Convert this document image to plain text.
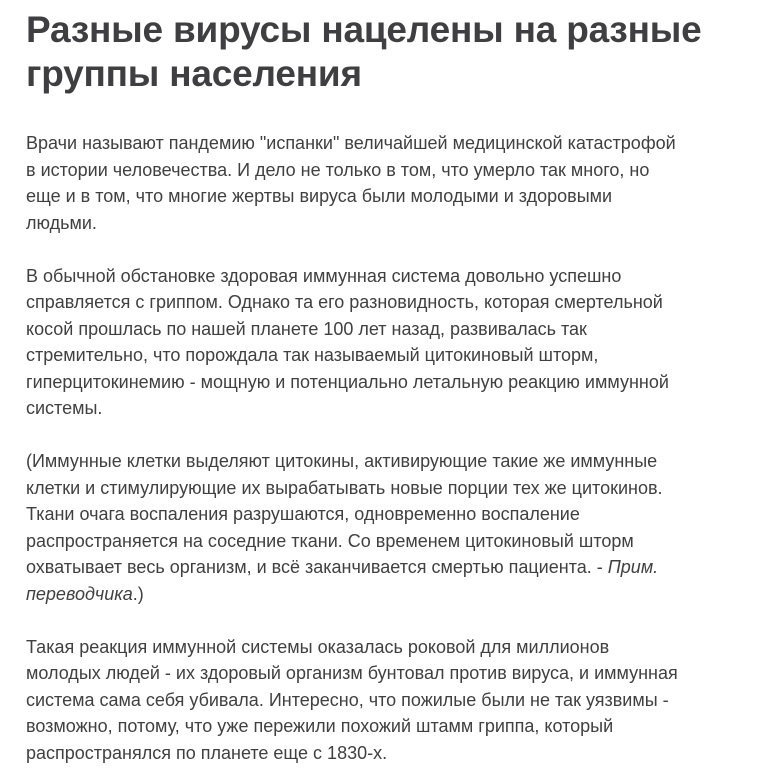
Разные вирусы нацелены на разные
группы населения

Врачи называют пандемию "испанки" величайшей медицинской катастрофой
в истории человечества. И дело не только в том, что умерло так много, но
еще и в том, что многие жертвы вируса были молодыми и здоровыми
людьми.

В обычной обстановке здоровая иммунная система довольно успешно
справляется с гриппом. Однако та его разновидность, которая смертельной
косой прошлась по нашей планете 100 лет назад, развивалась так
стремительно, что порождала так называемый цитокиновый шторм,
гиперцитокинемию - мощную и потенциально летальную реакцию иммунной
системы.

(Иммунные клетки выделяют цитокины, активирующие такие же иммунные
клетки и стимулирующие их вырабатывать новые порции тех же цитокинов.
Ткани очага воспаления разрушаются, одновременно воспаление
распространяется на соседние ткани. Со временем цитокиновый шторм
охватывает весь организм, и всё заканчивается смертью пациента. - Прим.
переводчика.)

Такая реакция иммунной системы оказалась роковой для миллионов
молодых людей - их здоровый организм бунтовал против вируса, и иммунная
система сама себя убивала. Интересно, что пожилые были не так уязвимы -
возможно, потому, что уже пережили похожий штамм гриппа, который
распространялся по планете еще с 1830-х.
